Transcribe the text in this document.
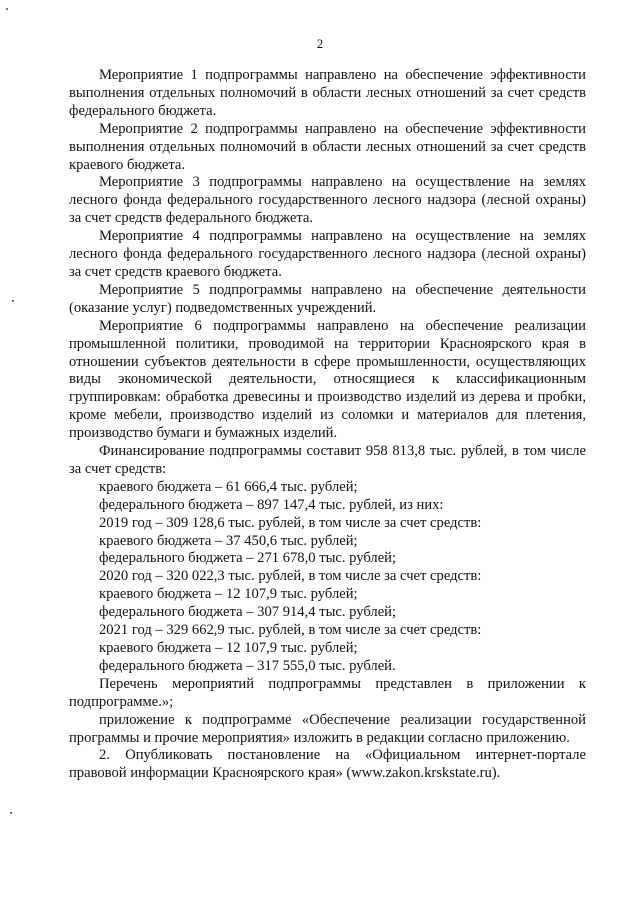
2

Мероприятие 1 подпрограммы направлено на обеспечение эффективности выполнения отдельных полномочий в области лесных отношений за счет средств федерального бюджета.

Мероприятие 2 подпрограммы направлено на обеспечение эффективности выполнения отдельных полномочий в области лесных отношений за счет средств краевого бюджета.

Мероприятие 3 подпрограммы направлено на осуществление на землях лесного фонда федерального государственного лесного надзора (лесной охраны) за счет средств федерального бюджета.

Мероприятие 4 подпрограммы направлено на осуществление на землях лесного фонда федерального государственного лесного надзора (лесной охраны) за счет средств краевого бюджета.

Мероприятие 5 подпрограммы направлено на обеспечение деятельности (оказание услуг) подведомственных учреждений.

Мероприятие 6 подпрограммы направлено на обеспечение реализации промышленной политики, проводимой на территории Красноярского края в отношении субъектов деятельности в сфере промышленности, осуществляющих виды экономической деятельности, относящиеся к классификационным группировкам: обработка древесины и производство изделий из дерева и пробки, кроме мебели, производство изделий из соломки и материалов для плетения, производство бумаги и бумажных изделий.

Финансирование подпрограммы составит 958 813,8 тыс. рублей, в том числе за счет средств:

краевого бюджета – 61 666,4 тыс. рублей;

федерального бюджета – 897 147,4 тыс. рублей, из них:

2019 год – 309 128,6 тыс. рублей, в том числе за счет средств:

краевого бюджета – 37 450,6 тыс. рублей;

федерального бюджета – 271 678,0 тыс. рублей;

2020 год – 320 022,3 тыс. рублей, в том числе за счет средств:

краевого бюджета – 12 107,9 тыс. рублей;

федерального бюджета – 307 914,4 тыс. рублей;

2021 год – 329 662,9 тыс. рублей, в том числе за счет средств:

краевого бюджета – 12 107,9 тыс. рублей;

федерального бюджета – 317 555,0 тыс. рублей.

Перечень мероприятий подпрограммы представлен в приложении к подпрограмме.»;

приложение к подпрограмме «Обеспечение реализации государственной программы и прочие мероприятия» изложить в редакции согласно приложению.

2. Опубликовать постановление на «Официальном интернет-портале правовой информации Красноярского края» (www.zakon.krskstate.ru).
